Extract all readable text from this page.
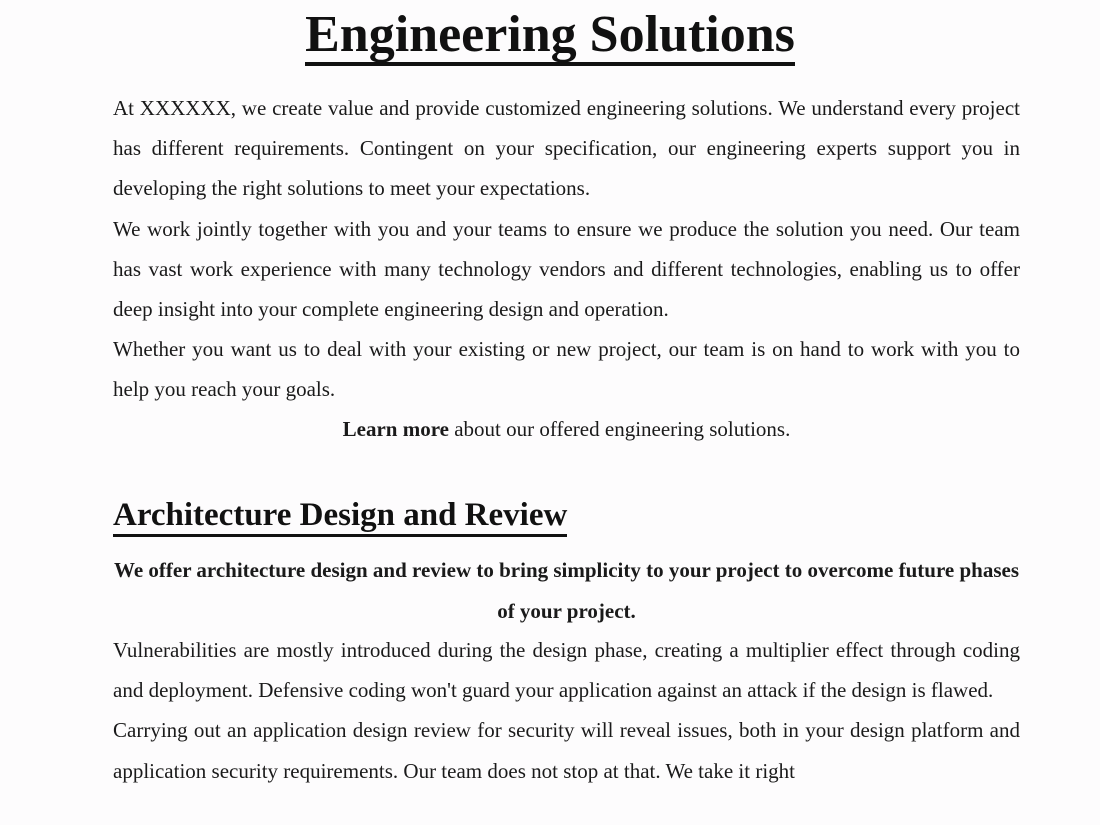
Engineering Solutions

At XXXXXX, we create value and provide customized engineering solutions. We understand every project has different requirements. Contingent on your specification, our engineering experts support you in developing the right solutions to meet your expectations.

We work jointly together with you and your teams to ensure we produce the solution you need. Our team has vast work experience with many technology vendors and different technologies, enabling us to offer deep insight into your complete engineering design and operation.

Whether you want us to deal with your existing or new project, our team is on hand to work with you to help you reach your goals.

Learn more about our offered engineering solutions.
Architecture Design and Review
We offer architecture design and review to bring simplicity to your project to overcome future phases of your project.

Vulnerabilities are mostly introduced during the design phase, creating a multiplier effect through coding and deployment. Defensive coding won't guard your application against an attack if the design is flawed.

Carrying out an application design review for security will reveal issues, both in your design platform and application security requirements. Our team does not stop at that. We take it right
